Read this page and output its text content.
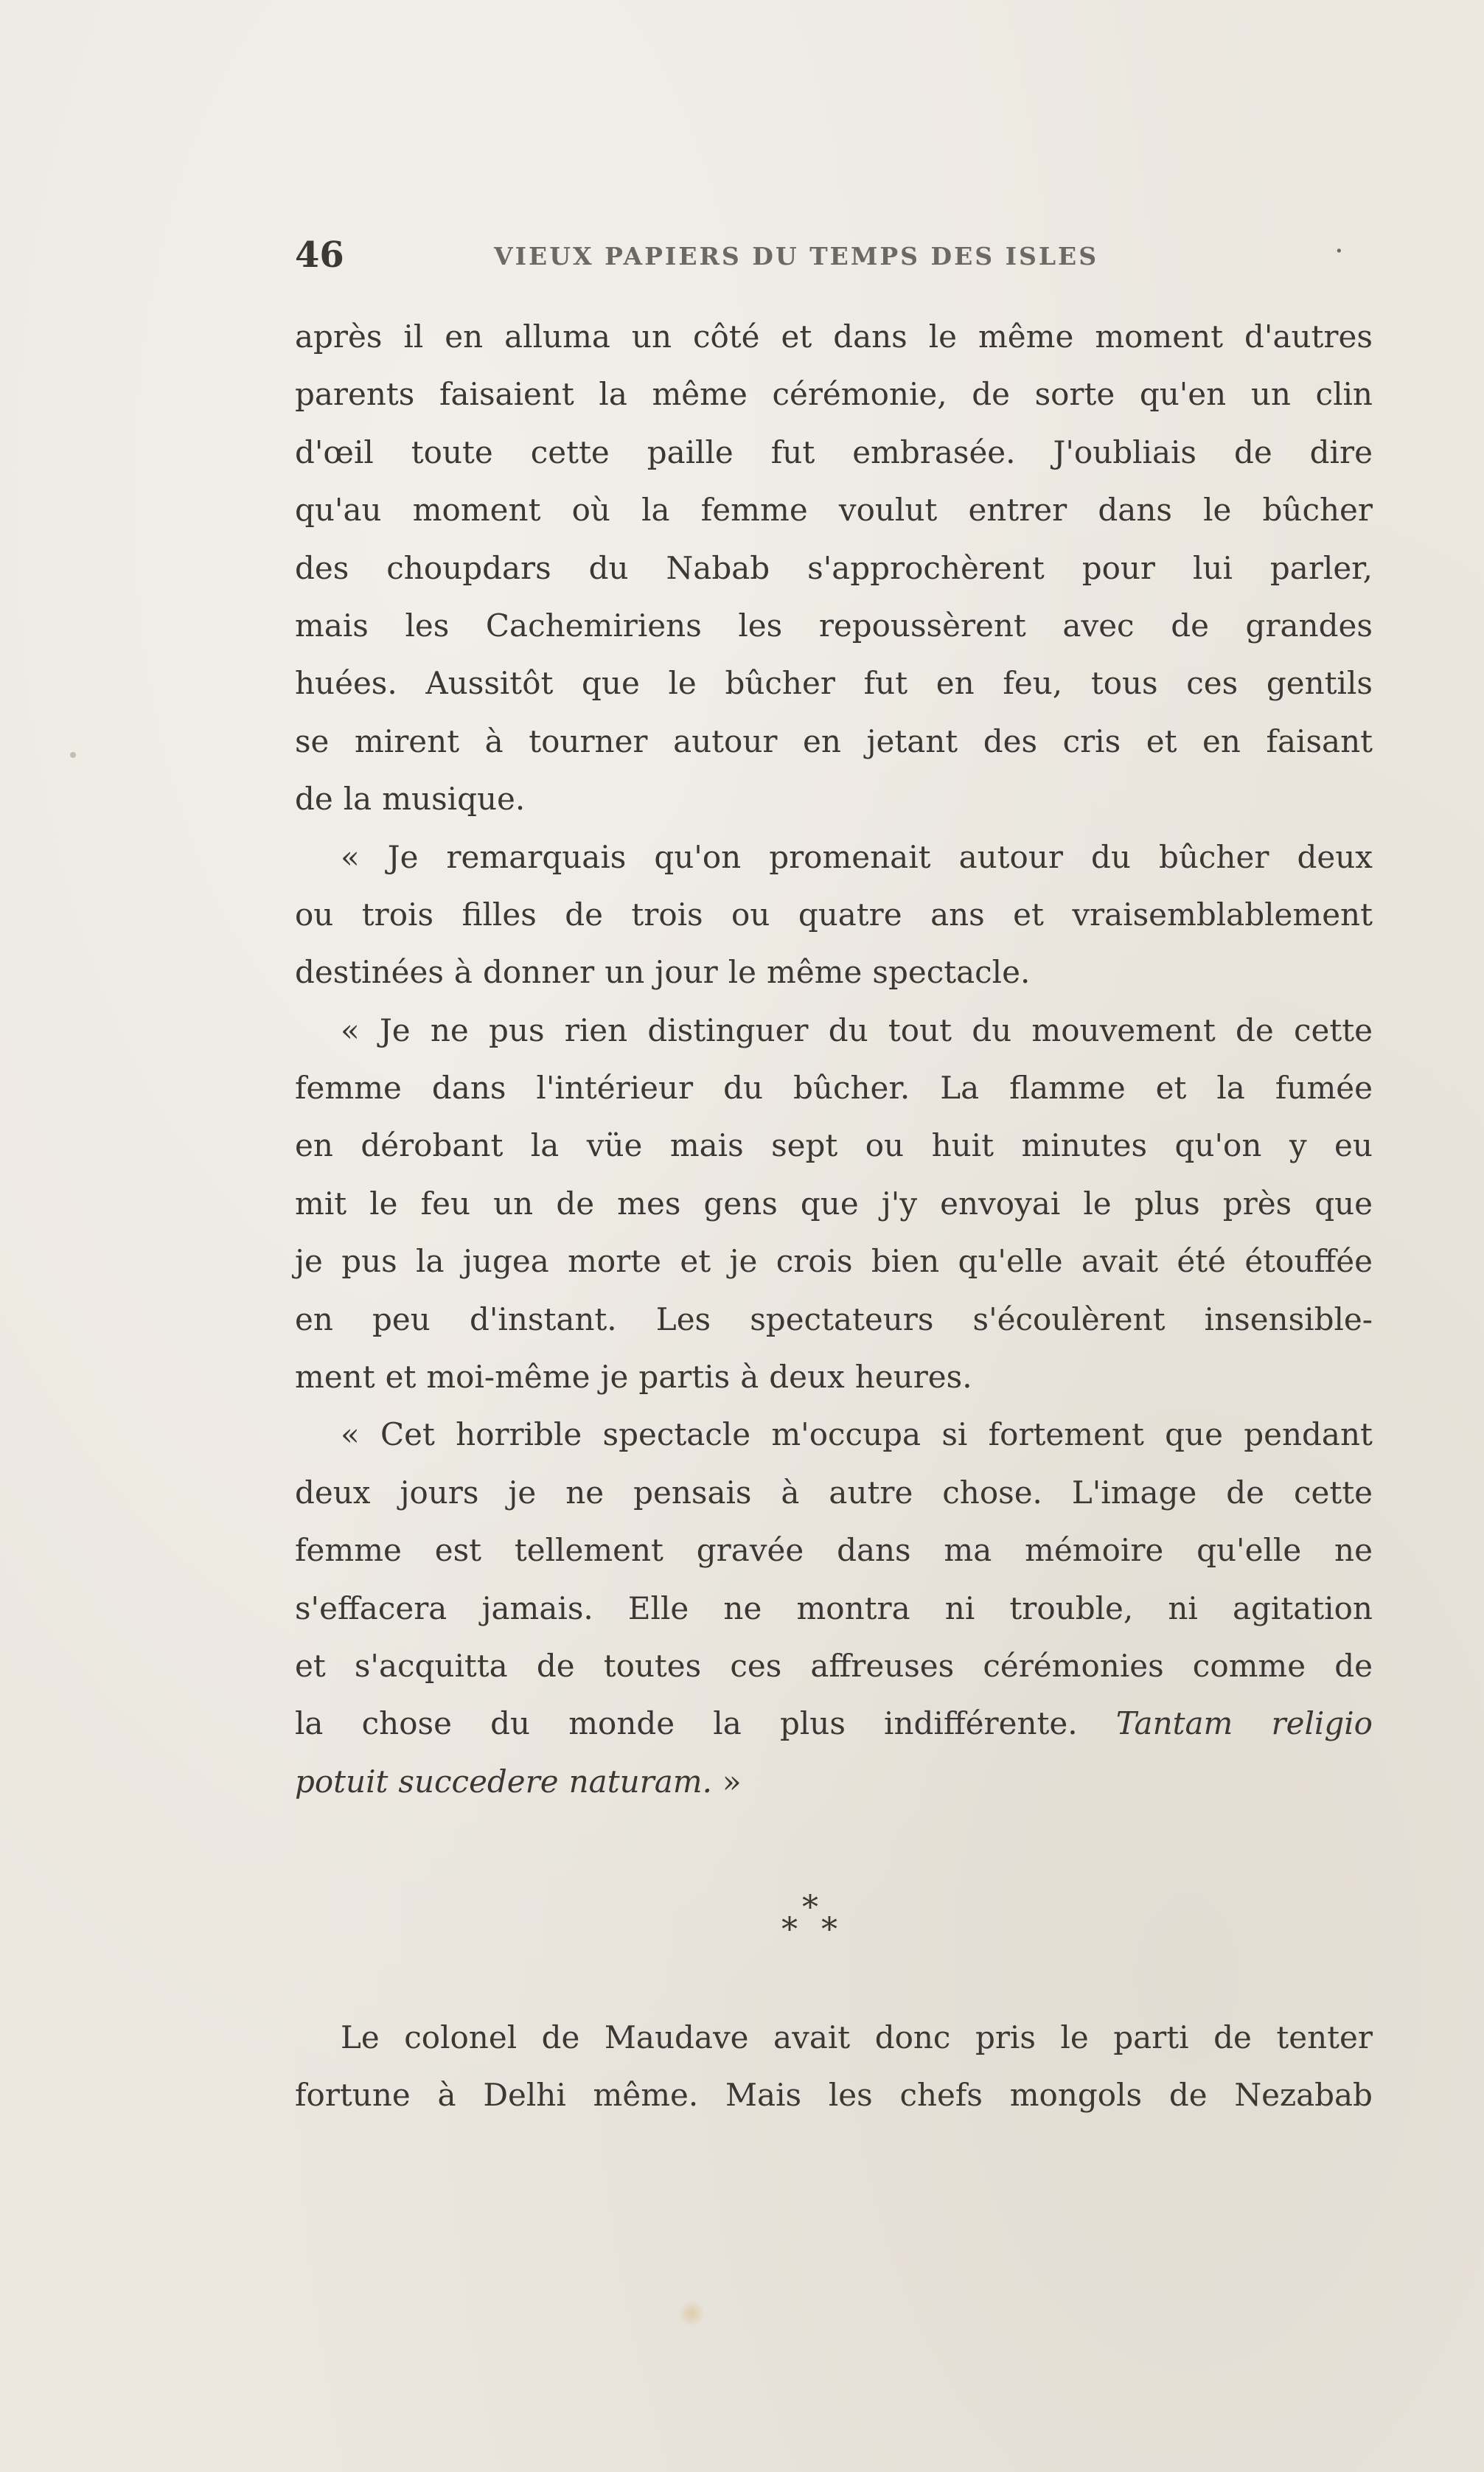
46	VIEUX PAPIERS DU TEMPS DES ISLES	·
après il en alluma un côté et dans le même moment d'autres
parents faisaient la même cérémonie, de sorte qu'en un clin
d'œil toute cette paille fut embrasée. J'oubliais de dire
qu'au moment où la femme voulut entrer dans le bûcher
des choupdars du Nabab s'approchèrent pour lui parler,
mais les Cachemiriens les repoussèrent avec de grandes
huées. Aussitôt que le bûcher fut en feu, tous ces gentils
se mirent à tourner autour en jetant des cris et en faisant
de la musique.
« Je remarquais qu'on promenait autour du bûcher deux
ou trois filles de trois ou quatre ans et vraisemblablement
destinées à donner un jour le même spectacle.
« Je ne pus rien distinguer du tout du mouvement de cette
femme dans l'intérieur du bûcher. La flamme et la fumée
en dérobant la vüe mais sept ou huit minutes qu'on y eu
mit le feu un de mes gens que j'y envoyai le plus près que
je pus la jugea morte et je crois bien qu'elle avait été étouffée
en peu d'instant. Les spectateurs s'écoulèrent insensible-
ment et moi-même je partis à deux heures.
« Cet horrible spectacle m'occupa si fortement que pendant
deux jours je ne pensais à autre chose. L'image de cette
femme est tellement gravée dans ma mémoire qu'elle ne
s'effacera jamais. Elle ne montra ni trouble, ni agitation
et s'acquitta de toutes ces affreuses cérémonies comme de
la chose du monde la plus indifférente. Tantam religio
potuit succedere naturam. »
*
* *
Le colonel de Maudave avait donc pris le parti de tenter
fortune à Delhi même. Mais les chefs mongols de Nezabab
